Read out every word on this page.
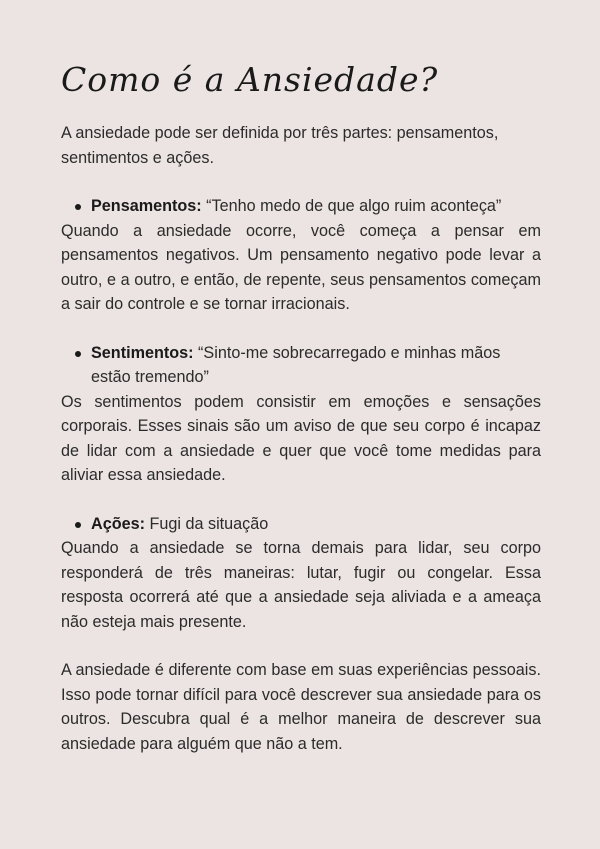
Como é a Ansiedade?

A ansiedade pode ser definida por três partes: pensamentos, sentimentos e ações.

Pensamentos: “Tenho medo de que algo ruim aconteça”

Quando a ansiedade ocorre, você começa a pensar em pensamentos negativos. Um pensamento negativo pode levar a outro, e a outro, e então, de repente, seus pensamentos começam a sair do controle e se tornar irracionais.

Sentimentos: “Sinto-me sobrecarregado e minhas mãos estão tremendo”

Os sentimentos podem consistir em emoções e sensações corporais. Esses sinais são um aviso de que seu corpo é incapaz de lidar com a ansiedade e quer que você tome medidas para aliviar essa ansiedade.

Ações: Fugi da situação

Quando a ansiedade se torna demais para lidar, seu corpo responderá de três maneiras: lutar, fugir ou congelar. Essa resposta ocorrerá até que a ansiedade seja aliviada e a ameaça não esteja mais presente.

A ansiedade é diferente com base em suas experiências pessoais. Isso pode tornar difícil para você descrever sua ansiedade para os outros. Descubra qual é a melhor maneira de descrever sua ansiedade para alguém que não a tem.
